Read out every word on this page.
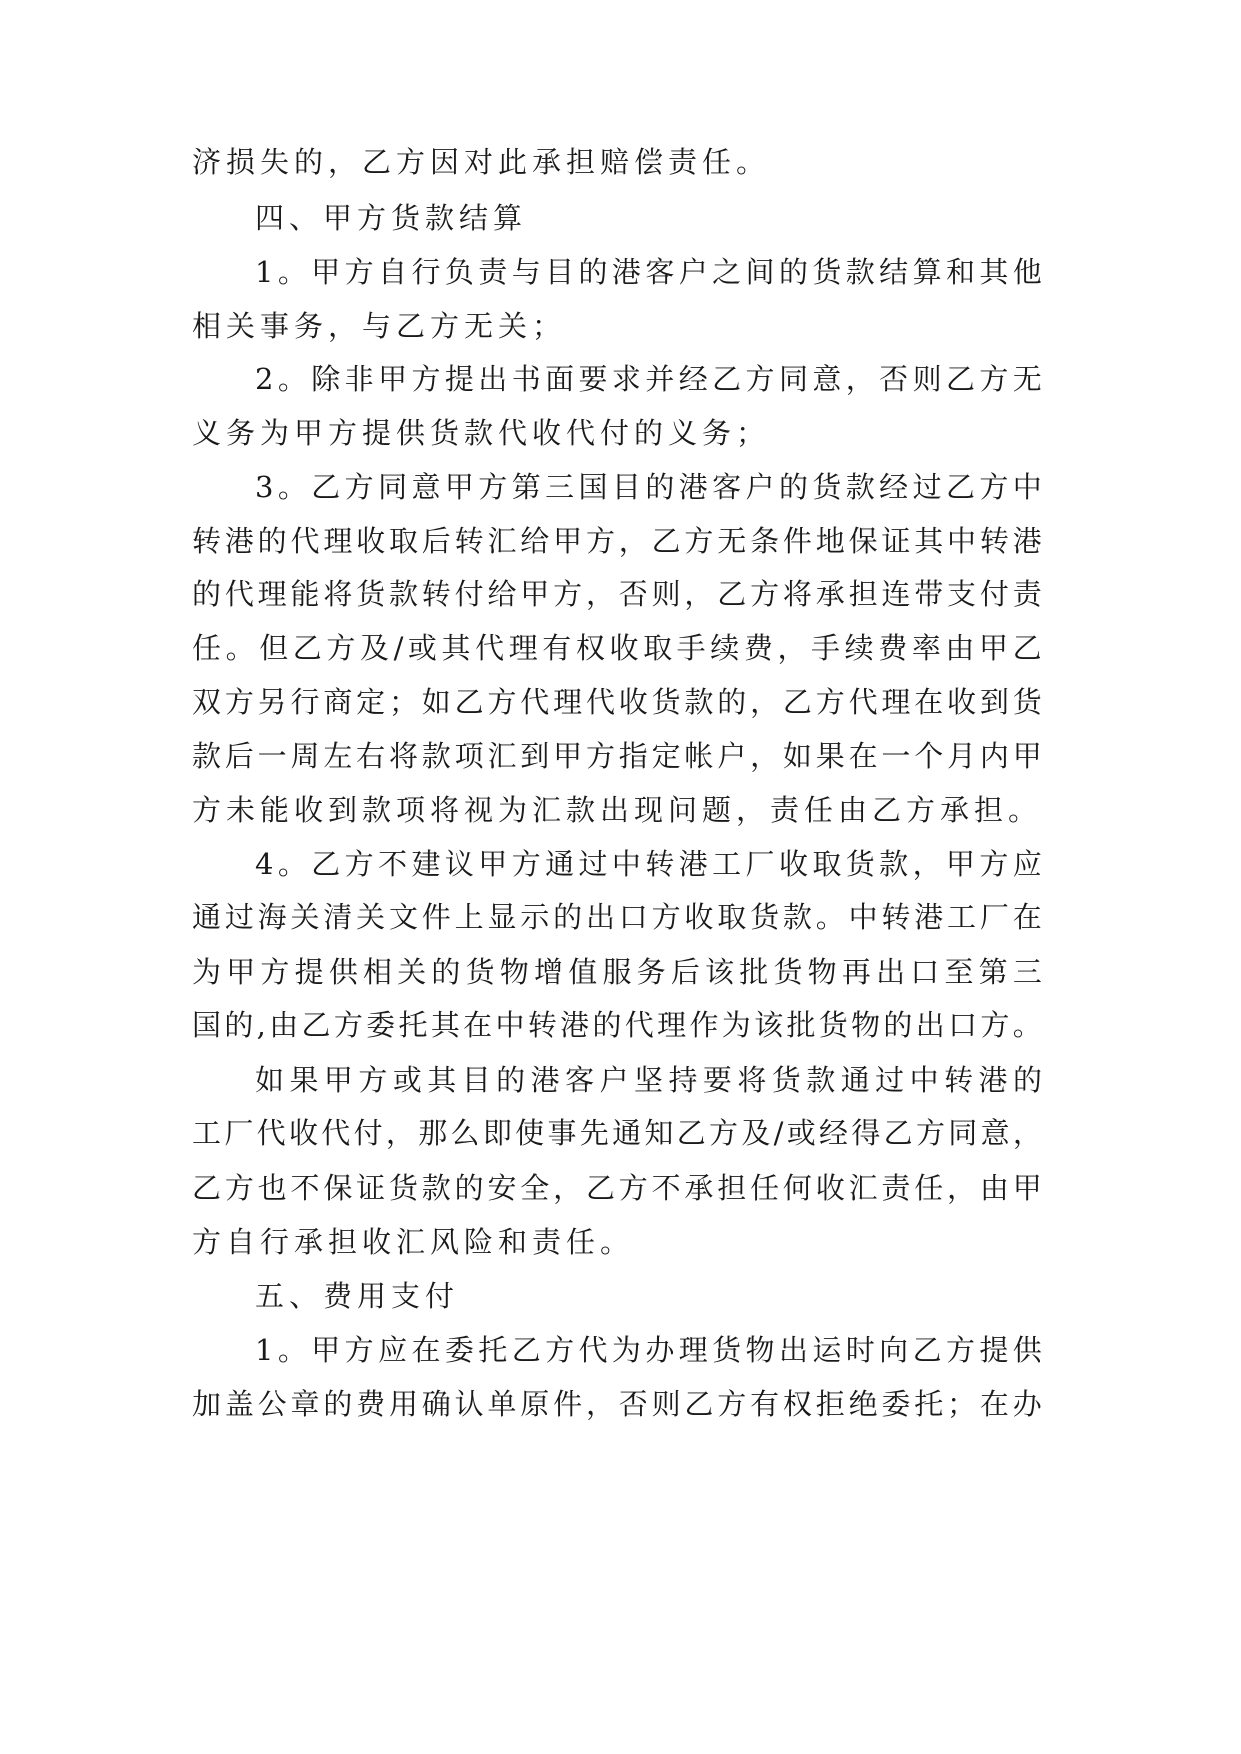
济损失的，乙方因对此承担赔偿责任。
四、甲方货款结算
1 。 甲 方 自 行 负 责 与 目 的 港 客 户 之 间 的 货 款 结 算 和 其 他
相关事务，与乙方无关；
2 。 除 非 甲 方 提 出 书 面 要 求 并 经 乙 方 同 意 ， 否 则 乙 方 无
义务为甲方提供货款代收代付的义务；
3 。 乙 方 同 意 甲 方 第 三 国 目 的 港 客 户 的 货 款 经 过 乙 方 中
转 港 的 代 理 收 取 后 转 汇 给 甲 方 ， 乙 方 无 条 件 地 保 证 其 中 转 港
的 代 理 能 将 货 款 转 付 给 甲 方 ， 否 则 ， 乙 方 将 承 担 连 带 支 付 责
任 。 但 乙 方 及 / 或 其 代 理 有 权 收 取 手 续 费 ， 手 续 费 率 由 甲 乙
双 方 另 行 商 定 ； 如 乙 方 代 理 代 收 货 款 的 ， 乙 方 代 理 在 收 到 货
款 后 一 周 左 右 将 款 项 汇 到 甲 方 指 定 帐 户 ， 如 果 在 一 个 月 内 甲
方未能收到款项将视为汇款出现问题，责任由乙方承担。
4 。 乙 方 不 建 议 甲 方 通 过 中 转 港 工 厂 收 取 货 款 ， 甲 方 应
通 过 海 关 清 关 文 件 上 显 示 的 出 口 方 收 取 货 款 。 中 转 港 工 厂 在
为 甲 方 提 供 相 关 的 货 物 增 值 服 务 后 该 批 货 物 再 出 口 至 第 三
国 的 , 由 乙 方 委 托 其 在 中 转 港 的 代 理 作 为 该 批 货 物 的 出 口 方 。
如 果 甲 方 或 其 目 的 港 客 户 坚 持 要 将 货 款 通 过 中 转 港 的
工 厂 代 收 代 付 ， 那 么 即 使 事 先 通 知 乙 方 及 / 或 经 得 乙 方 同 意 ，
乙 方 也 不 保 证 货 款 的 安 全 ， 乙 方 不 承 担 任 何 收 汇 责 任 ， 由 甲
方自行承担收汇风险和责任。
五、费用支付
1 。 甲 方 应 在 委 托 乙 方 代 为 办 理 货 物 出 运 时 向 乙 方 提 供
加 盖 公 章 的 费 用 确 认 单 原 件 ， 否 则 乙 方 有 权 拒 绝 委 托 ； 在 办
